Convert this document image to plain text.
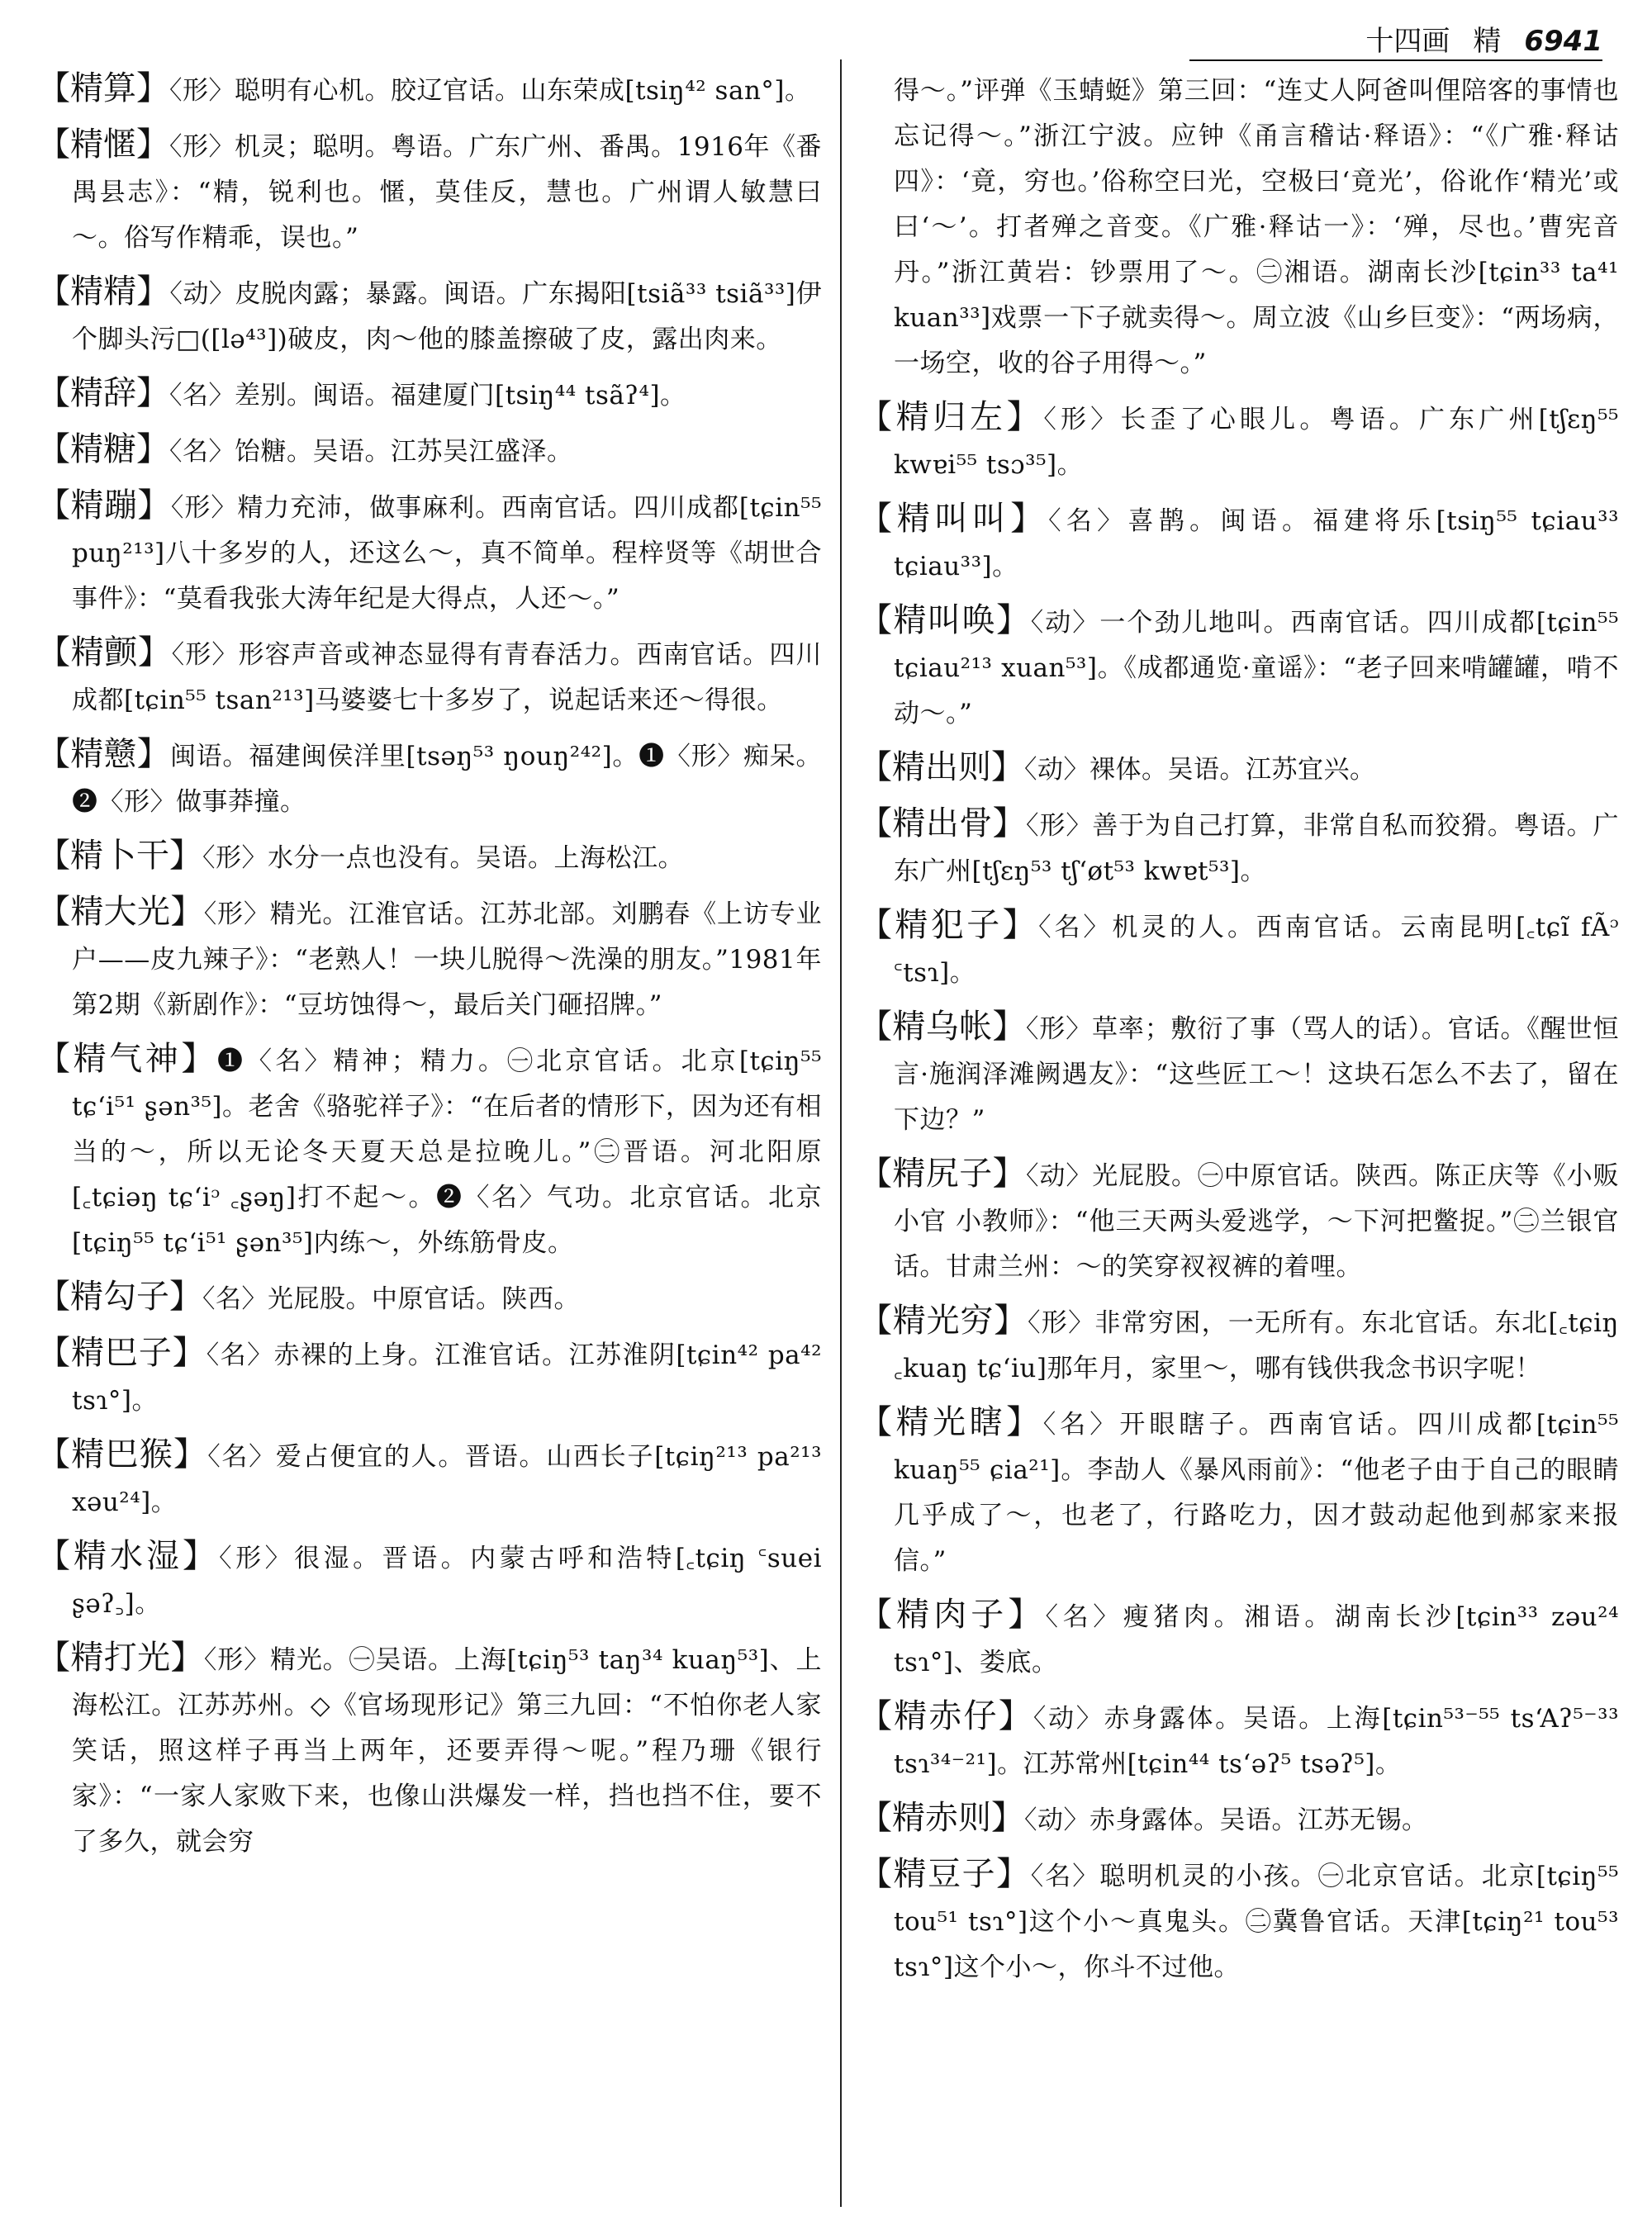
十四画 精 6941
【精算】〈形〉聪明有心机。胶辽官话。山东荣成[tsiŋ⁴² san°]。
【精㥾】〈形〉机灵；聪明。粤语。广东广州、番禺。1916年《番禺县志》：“精，锐利也。㥾，莫佳反，慧也。广州谓人敏慧曰～。俗写作精乖，误也。”
【精精】〈动〉皮脱肉露；暴露。闽语。广东揭阳[tsiã³³ tsiã³³]伊个脚头污□([lə⁴³])破皮，肉～他的膝盖擦破了皮，露出肉来。
【精辞】〈名〉差别。闽语。福建厦门[tsiŋ⁴⁴ tsãʔ⁴]。
【精糖】〈名〉饴糖。吴语。江苏吴江盛泽。
【精蹦】〈形〉精力充沛，做事麻利。西南官话。四川成都[tɕin⁵⁵ puŋ²¹³]八十多岁的人，还这么～，真不简单。程梓贤等《胡世合事件》：“莫看我张大涛年纪是大得点，人还～。”
【精颤】〈形〉形容声音或神态显得有青春活力。西南官话。四川成都[tɕin⁵⁵ tsan²¹³]马婆婆七十多岁了，说起话来还～得很。
【精戆】闽语。福建闽侯洋里[tsəŋ⁵³ ŋouŋ²⁴²]。❶〈形〉痴呆。❷〈形〉做事莽撞。
【精卜干】〈形〉水分一点也没有。吴语。上海松江。
【精大光】〈形〉精光。江淮官话。江苏北部。刘鹏春《上访专业户——皮九辣子》：“老熟人！一块儿脱得～洗澡的朋友。”1981年第2期《新剧作》：“豆坊蚀得～，最后关门砸招牌。”
【精气神】❶〈名〉精神；精力。㊀北京官话。北京[tɕiŋ⁵⁵ tɕʻi⁵¹ ʂən³⁵]。老舍《骆驼祥子》：“在后者的情形下，因为还有相当的～，所以无论冬天夏天总是拉晚儿。”㊁晋语。河北阳原[꜀tɕiəŋ tɕʻiᵓ ꜀ʂəŋ]打不起～。❷〈名〉气功。北京官话。北京[tɕiŋ⁵⁵ tɕʻi⁵¹ ʂən³⁵]内练～，外练筋骨皮。
【精勾子】〈名〉光屁股。中原官话。陕西。
【精巴子】〈名〉赤裸的上身。江淮官话。江苏淮阴[tɕin⁴² pa⁴² tsɿ°]。
【精巴猴】〈名〉爱占便宜的人。晋语。山西长子[tɕiŋ²¹³ pa²¹³ xəu²⁴]。
【精水湿】〈形〉很湿。晋语。内蒙古呼和浩特[꜀tɕiŋ ꜂suei ʂəʔ꜆]。
【精打光】〈形〉精光。㊀吴语。上海[tɕiŋ⁵³ taŋ³⁴ kuaŋ⁵³]、上海松江。江苏苏州。◇《官场现形记》第三九回：“不怕你老人家笑话，照这样子再当上两年，还要弄得～呢。”程乃珊《银行家》：“一家人家败下来，也像山洪爆发一样，挡也挡不住，要不了多久，就会穷
得～。”评弹《玉蜻蜓》第三回：“连丈人阿爸叫俚陪客的事情也忘记得～。”浙江宁波。应钟《甬言稽诂·释语》：“《广雅·释诂四》：‘竟，穷也。’俗称空曰光，空极曰‘竟光’，俗讹作‘精光’或曰‘～’。打者殚之音变。《广雅·释诂一》：‘殚，尽也。’曹宪音丹。”浙江黄岩：钞票用了～。㊁湘语。湖南长沙[tɕin³³ ta⁴¹ kuan³³]戏票一下子就卖得～。周立波《山乡巨变》：“两场病，一场空，收的谷子用得～。”
【精归左】〈形〉长歪了心眼儿。粤语。广东广州[tʃɛŋ⁵⁵ kwɐi⁵⁵ tsɔ³⁵]。
【精叫叫】〈名〉喜鹊。闽语。福建将乐[tsiŋ⁵⁵ tɕiau³³ tɕiau³³]。
【精叫唤】〈动〉一个劲儿地叫。西南官话。四川成都[tɕin⁵⁵ tɕiau²¹³ xuan⁵³]。《成都通览·童谣》：“老子回来啃罐罐，啃不动～。”
【精出则】〈动〉裸体。吴语。江苏宜兴。
【精出骨】〈形〉善于为自己打算，非常自私而狡猾。粤语。广东广州[tʃɛŋ⁵³ tʃʻøt⁵³ kwɐt⁵³]。
【精犯子】〈名〉机灵的人。西南官话。云南昆明[꜀tɕĩ fÃᵓ ꜂tsɿ]。
【精乌帐】〈形〉草率；敷衍了事（骂人的话）。官话。《醒世恒言·施润泽滩阙遇友》：“这些匠工～！这块石怎么不去了，留在下边？”
【精尻子】〈动〉光屁股。㊀中原官话。陕西。陈正庆等《小贩 小官 小教师》：“他三天两头爱逃学，～下河把鳖捉。”㊁兰银官话。甘肃兰州：～的笑穿衩衩裤的着哩。
【精光穷】〈形〉非常穷困，一无所有。东北官话。东北[꜀tɕiŋ ꜀kuaŋ tɕʻiu]那年月，家里～，哪有钱供我念书识字呢！
【精光瞎】〈名〉开眼瞎子。西南官话。四川成都[tɕin⁵⁵ kuaŋ⁵⁵ ɕia²¹]。李劼人《暴风雨前》：“他老子由于自己的眼睛几乎成了～，也老了，行路吃力，因才鼓动起他到郝家来报信。”
【精肉子】〈名〉瘦猪肉。湘语。湖南长沙[tɕin³³ zəu²⁴ tsɿ°]、娄底。
【精赤仔】〈动〉赤身露体。吴语。上海[tɕin⁵³⁻⁵⁵ tsʻAʔ⁵⁻³³ tsɿ³⁴⁻²¹]。江苏常州[tɕin⁴⁴ tsʻəʔ⁵ tsəʔ⁵]。
【精赤则】〈动〉赤身露体。吴语。江苏无锡。
【精豆子】〈名〉聪明机灵的小孩。㊀北京官话。北京[tɕiŋ⁵⁵ tou⁵¹ tsɿ°]这个小～真鬼头。㊁冀鲁官话。天津[tɕiŋ²¹ tou⁵³ tsɿ°]这个小～，你斗不过他。
